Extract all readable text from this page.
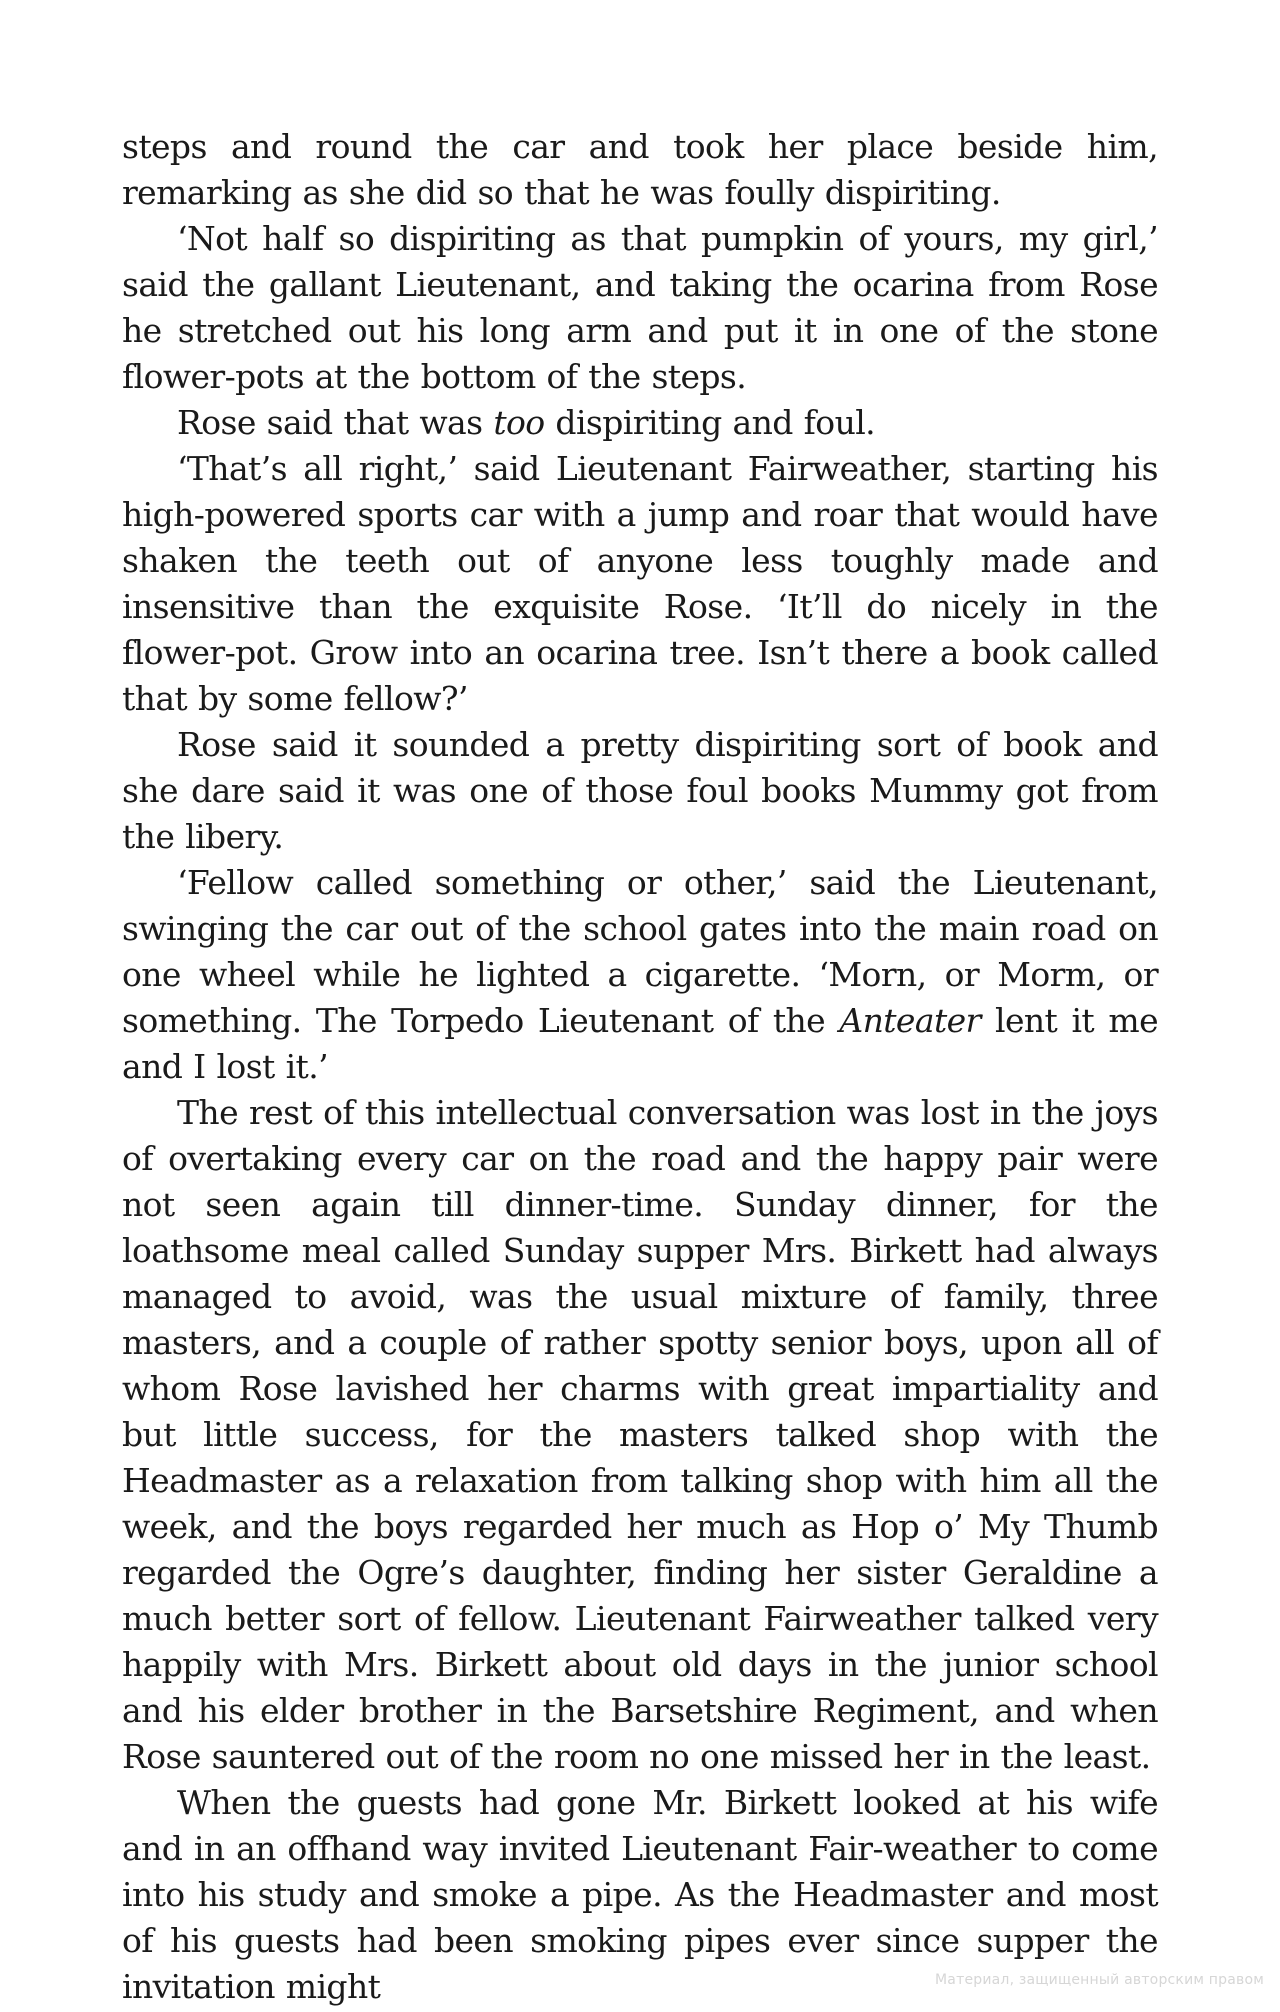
steps and round the car and took her place beside him, remarking as she did so that he was foully dispiriting.

‘Not half so dispiriting as that pumpkin of yours, my girl,’ said the gallant Lieutenant, and taking the ocarina from Rose he stretched out his long arm and put it in one of the stone flower-pots at the bottom of the steps.

Rose said that was too dispiriting and foul.

‘That’s all right,’ said Lieutenant Fairweather, starting his high-powered sports car with a jump and roar that would have shaken the teeth out of anyone less toughly made and insensitive than the exquisite Rose. ‘It’ll do nicely in the flower-pot. Grow into an ocarina tree. Isn’t there a book called that by some fellow?’

Rose said it sounded a pretty dispiriting sort of book and she dare said it was one of those foul books Mummy got from the libery.

‘Fellow called something or other,’ said the Lieutenant, swinging the car out of the school gates into the main road on one wheel while he lighted a cigarette. ‘Morn, or Morm, or something. The Torpedo Lieutenant of the Anteater lent it me and I lost it.’

The rest of this intellectual conversation was lost in the joys of overtaking every car on the road and the happy pair were not seen again till dinner-time. Sunday dinner, for the loathsome meal called Sunday supper Mrs. Birkett had always managed to avoid, was the usual mixture of family, three masters, and a couple of rather spotty senior boys, upon all of whom Rose lavished her charms with great impartiality and but little success, for the masters talked shop with the Headmaster as a relaxation from talking shop with him all the week, and the boys regarded her much as Hop o’ My Thumb regarded the Ogre’s daughter, finding her sister Geraldine a much better sort of fellow. Lieutenant Fairweather talked very happily with Mrs. Birkett about old days in the junior school and his elder brother in the Barsetshire Regiment, and when Rose sauntered out of the room no one missed her in the least.

When the guests had gone Mr. Birkett looked at his wife and in an offhand way invited Lieutenant Fair-weather to come into his study and smoke a pipe. As the Headmaster and most of his guests had been smoking pipes ever since supper the invitation might	Материал, защищенный авторским правом
